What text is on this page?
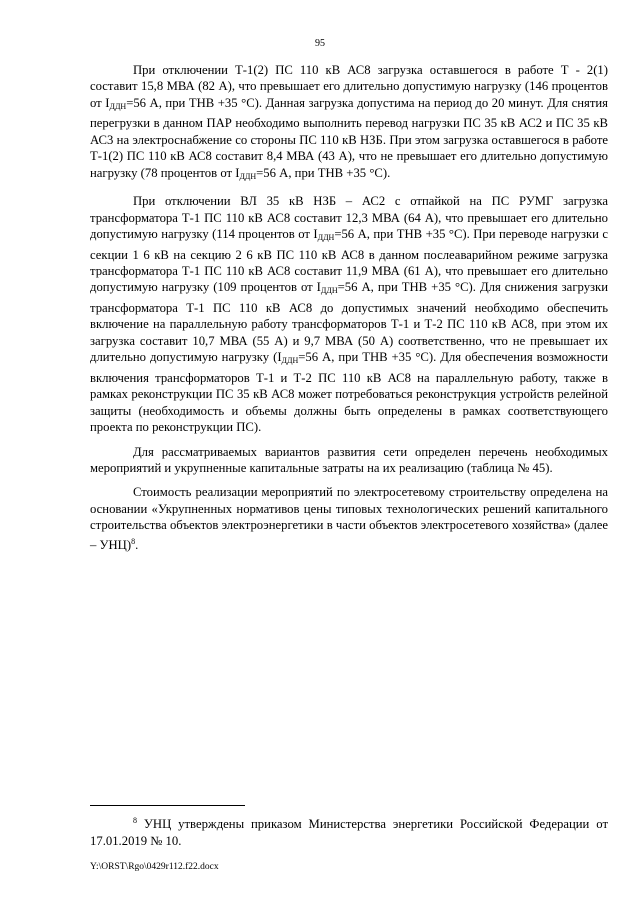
95

При отключении Т-1(2) ПС 110 кВ АС8 загрузка оставшегося в работе Т - 2(1) составит 15,8 МВА (82 А), что превышает его длительно допустимую нагрузку (146 процентов от $I_{ДДН}=56$ А, при ТНВ +35 °С). Данная загрузка допустима на период до 20 минут. Для снятия перегрузки в данном ПАР необходимо выполнить перевод нагрузки ПС 35 кВ АС2 и ПС 35 кВ АС3 на электроснабжение со стороны ПС 110 кВ НЗБ. При этом загрузка оставшегося в работе Т-1(2) ПС 110 кВ АС8 составит 8,4 МВА (43 А), что не превышает его длительно допустимую нагрузку (78 процентов от $I_{ДДН}=56$ А, при ТНВ +35 °С).

При отключении ВЛ 35 кВ НЗБ – АС2 с отпайкой на ПС РУМГ загрузка трансформатора Т-1 ПС 110 кВ АС8 составит 12,3 МВА (64 А), что превышает его длительно допустимую нагрузку (114 процентов от $I_{ДДН}=56$ А, при ТНВ +35 °С). При переводе нагрузки с секции 1 6 кВ на секцию 2 6 кВ ПС 110 кВ АС8 в данном послеаварийном режиме загрузка трансформатора Т-1 ПС 110 кВ АС8 составит 11,9 МВА (61 А), что превышает его длительно допустимую нагрузку (109 процентов от $I_{ДДН}=56$ А, при ТНВ +35 °С). Для снижения загрузки трансформатора Т-1 ПС 110 кВ АС8 до допустимых значений необходимо обеспечить включение на параллельную работу трансформаторов Т-1 и Т-2 ПС 110 кВ АС8, при этом их загрузка составит 10,7 МВА (55 А) и 9,7 МВА (50 А) соответственно, что не превышает их длительно допустимую нагрузку ($I_{ДДН}=56$ А, при ТНВ +35 °С). Для обеспечения возможности включения трансформаторов Т-1 и Т-2 ПС 110 кВ АС8 на параллельную работу, также в рамках реконструкции ПС 35 кВ АС8 может потребоваться реконструкция устройств релейной защиты (необходимость и объемы должны быть определены в рамках соответствующего проекта по реконструкции ПС).

Для рассматриваемых вариантов развития сети определен перечень необходимых мероприятий и укрупненные капитальные затраты на их реализацию (таблица № 45).

Стоимость реализации мероприятий по электросетевому строительству определена на основании «Укрупненных нормативов цены типовых технологических решений капитального строительства объектов электроэнергетики в части объектов электросетевого хозяйства» (далее – УНЦ)$^8$.

8 УНЦ утверждены приказом Министерства энергетики Российской Федерации от 17.01.2019 № 10.
Y:\ORST\Rgo\0429r112.f22.docx
